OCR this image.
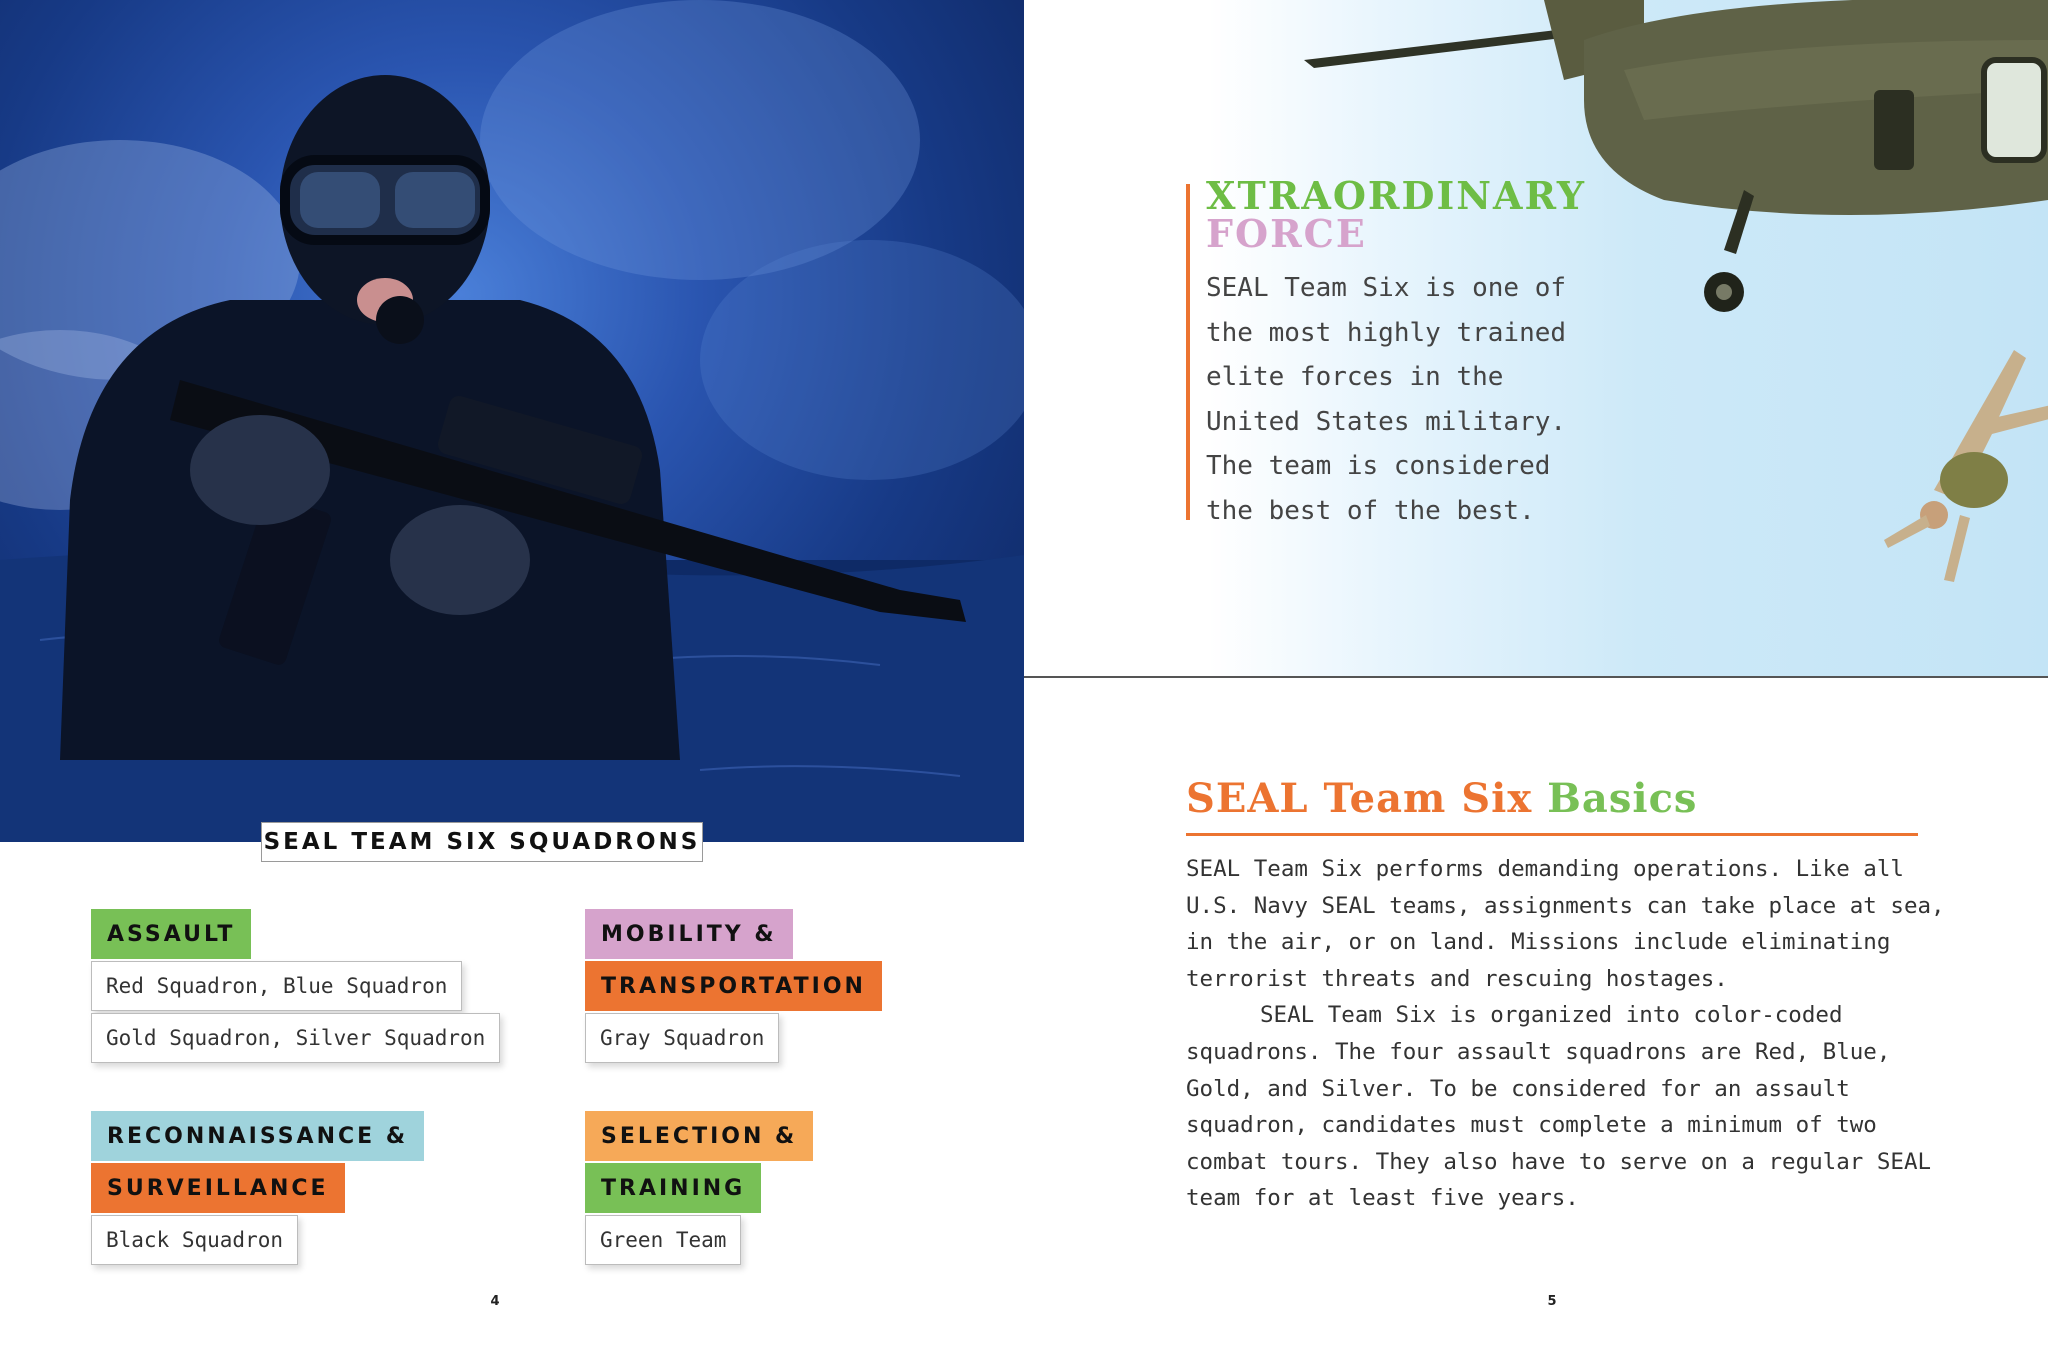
SEAL TEAM SIX SQUADRONS
ASSAULT
Red Squadron, Blue Squadron
Gold Squadron, Silver Squadron
MOBILITY &
TRANSPORTATION
Gray Squadron
RECONNAISSANCE &
SURVEILLANCE
Black Squadron
SELECTION &
TRAINING
Green Team
4
XTRAORDINARY
FORCE
SEAL Team Six is one of
the most highly trained
elite forces in the
United States military.
The team is considered
the best of the best.
SEAL Team Six Basics

SEAL Team Six performs demanding operations. Like all U.S. Navy SEAL teams, assignments can take place at sea, in the air, or on land. Missions include eliminating terrorist threats and rescuing hostages.

SEAL Team Six is organized into color-coded squadrons. The four assault squadrons are Red, Blue, Gold, and Silver. To be considered for an assault squadron, candidates must complete a minimum of two combat tours. They also have to serve on a regular SEAL team for at least five years.

5
